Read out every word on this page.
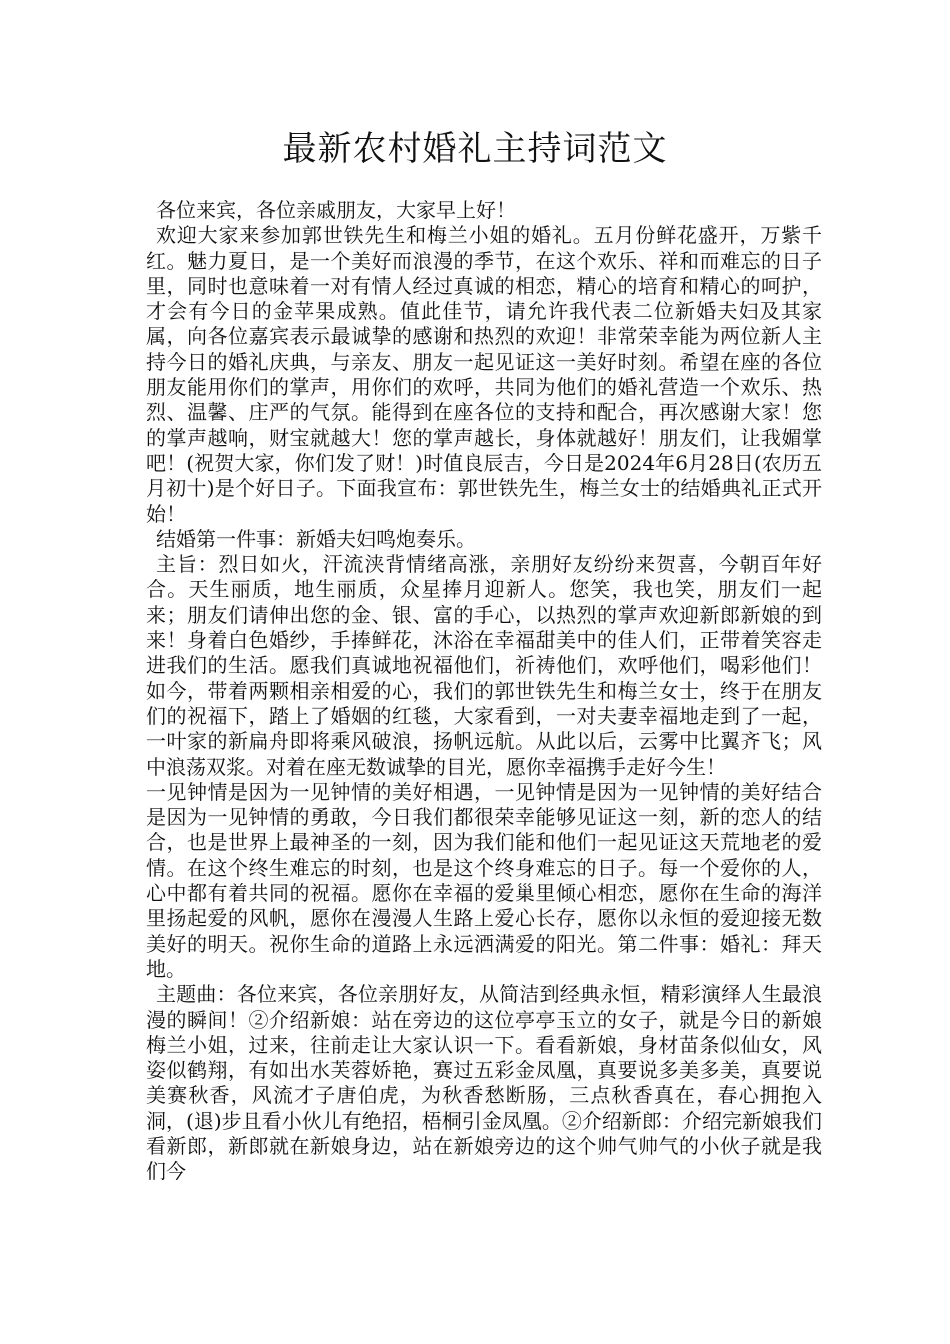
最新农村婚礼主持词范文

各位来宾，各位亲戚朋友，大家早上好！

欢迎大家来参加郭世铁先生和梅兰小姐的婚礼。五月份鲜花盛开，万紫千红。魅力夏日，是一个美好而浪漫的季节，在这个欢乐、祥和而难忘的日子里，同时也意味着一对有情人经过真诚的相恋，精心的培育和精心的呵护，才会有今日的金苹果成熟。值此佳节，请允许我代表二位新婚夫妇及其家属，向各位嘉宾表示最诚挚的感谢和热烈的欢迎！非常荣幸能为两位新人主持今日的婚礼庆典，与亲友、朋友一起见证这一美好时刻。希望在座的各位朋友能用你们的掌声，用你们的欢呼，共同为他们的婚礼营造一个欢乐、热烈、温馨、庄严的气氛。能得到在座各位的支持和配合，再次感谢大家！您的掌声越响，财宝就越大！您的掌声越长，身体就越好！朋友们，让我媚掌吧！(祝贺大家，你们发了财！)时值良辰吉，今日是2024年6月28日(农历五月初十)是个好日子。下面我宣布：郭世铁先生，梅兰女士的结婚典礼正式开始！

结婚第一件事：新婚夫妇鸣炮奏乐。

主旨：烈日如火，汗流浃背情绪高涨，亲朋好友纷纷来贺喜，今朝百年好合。天生丽质，地生丽质，众星捧月迎新人。您笑，我也笑，朋友们一起来；朋友们请伸出您的金、银、富的手心，以热烈的掌声欢迎新郎新娘的到来！身着白色婚纱，手捧鲜花，沐浴在幸福甜美中的佳人们，正带着笑容走进我们的生活。愿我们真诚地祝福他们，祈祷他们，欢呼他们，喝彩他们！如今，带着两颗相亲相爱的心，我们的郭世铁先生和梅兰女士，终于在朋友们的祝福下，踏上了婚姻的红毯，大家看到，一对夫妻幸福地走到了一起，一叶家的新扁舟即将乘风破浪，扬帆远航。从此以后，云雾中比翼齐飞；风中浪荡双浆。对着在座无数诚挚的目光，愿你幸福携手走好今生！

一见钟情是因为一见钟情的美好相遇，一见钟情是因为一见钟情的美好结合是因为一见钟情的勇敢，今日我们都很荣幸能够见证这一刻，新的恋人的结合，也是世界上最神圣的一刻，因为我们能和他们一起见证这天荒地老的爱情。在这个终生难忘的时刻，也是这个终身难忘的日子。每一个爱你的人，心中都有着共同的祝福。愿你在幸福的爱巢里倾心相恋，愿你在生命的海洋里扬起爱的风帆，愿你在漫漫人生路上爱心长存，愿你以永恒的爱迎接无数美好的明天。祝你生命的道路上永远洒满爱的阳光。第二件事：婚礼：拜天地。

主题曲：各位来宾，各位亲朋好友，从简洁到经典永恒，精彩演绎人生最浪漫的瞬间！②介绍新娘：站在旁边的这位亭亭玉立的女子，就是今日的新娘梅兰小姐，过来，往前走让大家认识一下。看看新娘，身材苗条似仙女，风姿似鹤翔，有如出水芙蓉娇艳，赛过五彩金凤凰，真要说多美多美，真要说美赛秋香，风流才子唐伯虎，为秋香愁断肠，三点秋香真在，春心拥抱入洞，(退)步且看小伙儿有绝招，梧桐引金凤凰。②介绍新郎：介绍完新娘我们看新郎，新郎就在新娘身边，站在新娘旁边的这个帅气帅气的小伙子就是我们今
